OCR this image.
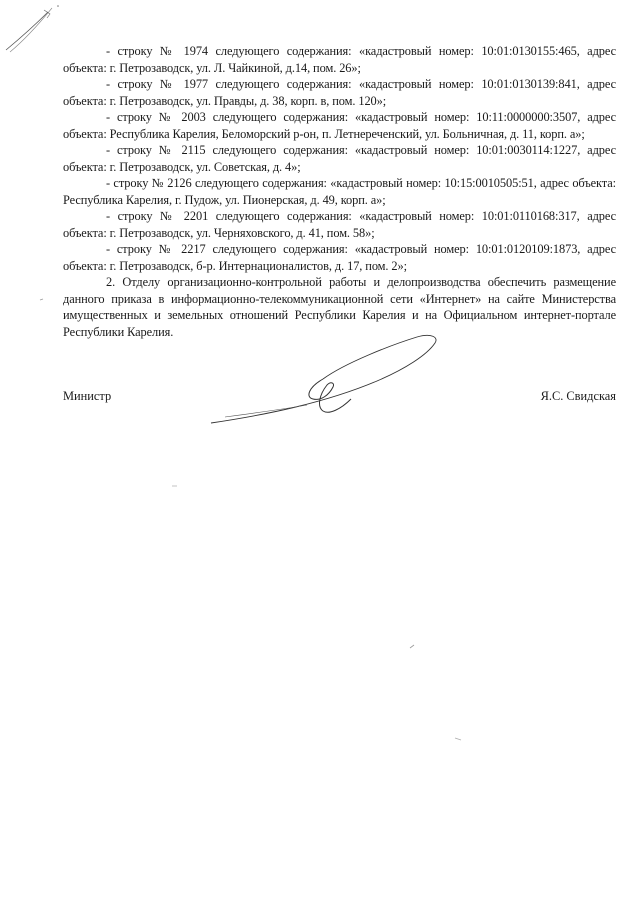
- строку № 1974 следующего содержания: «кадастровый номер: 10:01:0130155:465, адрес объекта: г. Петрозаводск, ул. Л. Чайкиной, д.14, пом. 26»;

- строку № 1977 следующего содержания: «кадастровый номер: 10:01:0130139:841, адрес объекта: г. Петрозаводск, ул. Правды, д. 38, корп. в, пом. 120»;

- строку № 2003 следующего содержания: «кадастровый номер: 10:11:0000000:3507, адрес объекта: Республика Карелия, Беломорский р-он, п. Летнереченский, ул. Больничная, д. 11, корп. а»;

- строку № 2115 следующего содержания: «кадастровый номер: 10:01:0030114:1227, адрес объекта: г. Петрозаводск, ул. Советская, д. 4»;

- строку № 2126 следующего содержания: «кадастровый номер: 10:15:0010505:51, адрес объекта: Республика Карелия, г. Пудож, ул. Пионерская, д. 49, корп. а»;

- строку № 2201 следующего содержания: «кадастровый номер: 10:01:0110168:317, адрес объекта: г. Петрозаводск, ул. Черняховского, д. 41, пом. 58»;

- строку № 2217 следующего содержания: «кадастровый номер: 10:01:0120109:1873, адрес объекта: г. Петрозаводск, б-р. Интернационалистов, д. 17, пом. 2»;

2. Отделу организационно-контрольной работы и делопроизводства обеспечить размещение данного приказа в информационно-телекоммуникационной сети «Интернет» на сайте Министерства имущественных и земельных отношений Республики Карелия и на Официальном интернет-портале Республики Карелия.

Министр	Я.С. Свидская
